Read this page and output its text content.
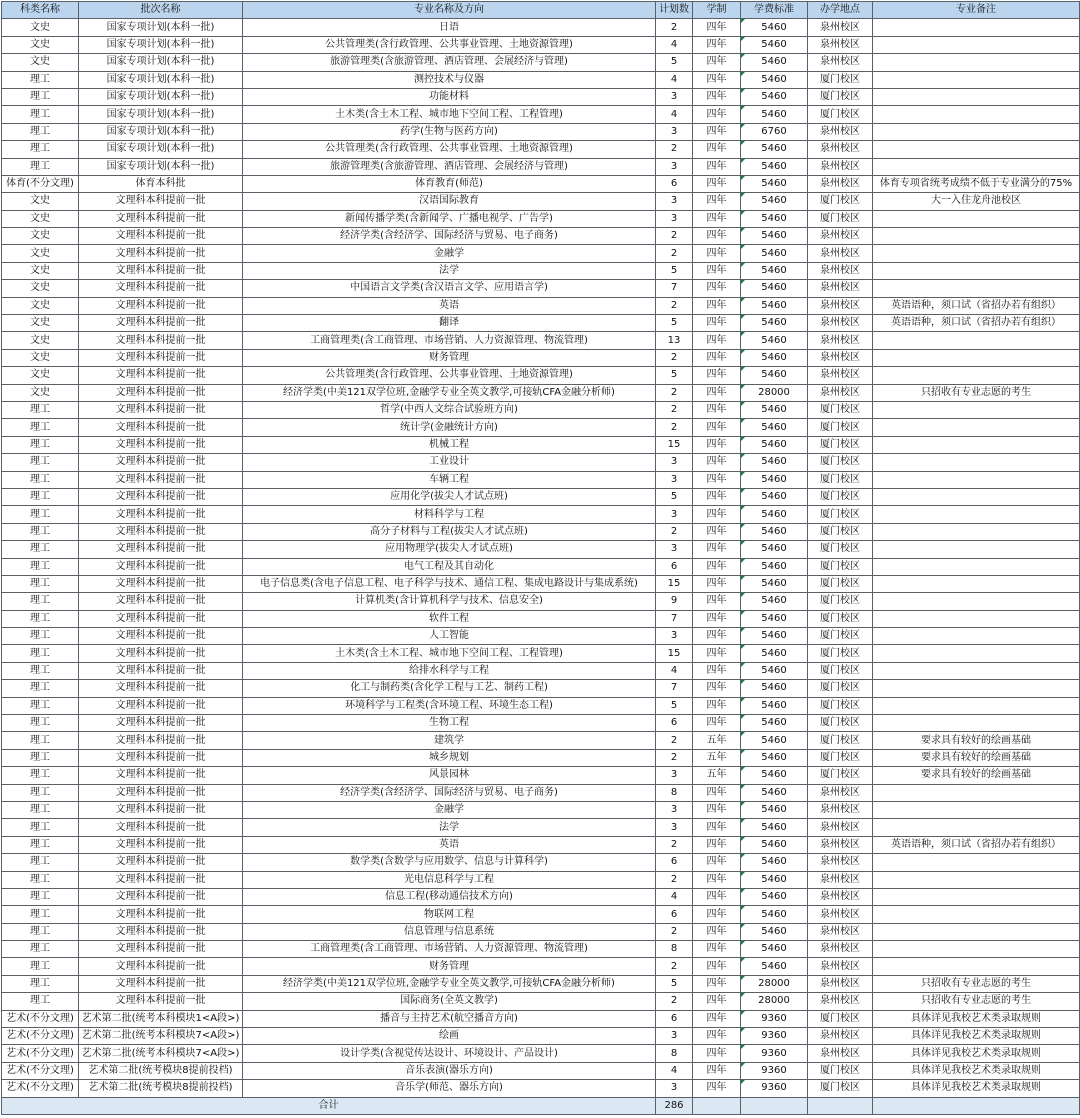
科类名称	批次名称	专业名称及方向	计划数	学制	学费标准	办学地点	专业备注
文史	国家专项计划(本科一批)	日语	2	四年	5460	泉州校区	
文史	国家专项计划(本科一批)	公共管理类(含行政管理、公共事业管理、土地资源管理)	4	四年	5460	泉州校区	
文史	国家专项计划(本科一批)	旅游管理类(含旅游管理、酒店管理、会展经济与管理)	5	四年	5460	泉州校区	
理工	国家专项计划(本科一批)	测控技术与仪器	4	四年	5460	厦门校区	
理工	国家专项计划(本科一批)	功能材料	3	四年	5460	厦门校区	
理工	国家专项计划(本科一批)	土木类(含土木工程、城市地下空间工程、工程管理)	4	四年	5460	厦门校区	
理工	国家专项计划(本科一批)	药学(生物与医药方向)	3	四年	6760	泉州校区	
理工	国家专项计划(本科一批)	公共管理类(含行政管理、公共事业管理、土地资源管理)	2	四年	5460	泉州校区	
理工	国家专项计划(本科一批)	旅游管理类(含旅游管理、酒店管理、会展经济与管理)	3	四年	5460	泉州校区	
体育(不分文理)	体育本科批	体育教育(师范)	6	四年	5460	泉州校区	体育专项省统考成绩不低于专业满分的75%
文史	文理科本科提前一批	汉语国际教育	3	四年	5460	厦门校区	大一入住龙舟池校区
文史	文理科本科提前一批	新闻传播学类(含新闻学、广播电视学、广告学)	3	四年	5460	厦门校区	
文史	文理科本科提前一批	经济学类(含经济学、国际经济与贸易、电子商务)	2	四年	5460	泉州校区	
文史	文理科本科提前一批	金融学	2	四年	5460	泉州校区	
文史	文理科本科提前一批	法学	5	四年	5460	泉州校区	
文史	文理科本科提前一批	中国语言文学类(含汉语言文学、应用语言学)	7	四年	5460	泉州校区	
文史	文理科本科提前一批	英语	2	四年	5460	泉州校区	英语语种，须口试（省招办若有组织）
文史	文理科本科提前一批	翻译	5	四年	5460	泉州校区	英语语种，须口试（省招办若有组织）
文史	文理科本科提前一批	工商管理类(含工商管理、市场营销、人力资源管理、物流管理)	13	四年	5460	泉州校区	
文史	文理科本科提前一批	财务管理	2	四年	5460	泉州校区	
文史	文理科本科提前一批	公共管理类(含行政管理、公共事业管理、土地资源管理)	5	四年	5460	泉州校区	
文史	文理科本科提前一批	经济学类(中美121双学位班,金融学专业全英文教学,可接轨CFA金融分析师)	2	四年	28000	泉州校区	只招收有专业志愿的考生
理工	文理科本科提前一批	哲学(中西人文综合试验班方向)	2	四年	5460	厦门校区	
理工	文理科本科提前一批	统计学(金融统计方向)	2	四年	5460	厦门校区	
理工	文理科本科提前一批	机械工程	15	四年	5460	厦门校区	
理工	文理科本科提前一批	工业设计	3	四年	5460	厦门校区	
理工	文理科本科提前一批	车辆工程	3	四年	5460	厦门校区	
理工	文理科本科提前一批	应用化学(拔尖人才试点班)	5	四年	5460	厦门校区	
理工	文理科本科提前一批	材料科学与工程	3	四年	5460	厦门校区	
理工	文理科本科提前一批	高分子材料与工程(拔尖人才试点班)	2	四年	5460	厦门校区	
理工	文理科本科提前一批	应用物理学(拔尖人才试点班)	3	四年	5460	厦门校区	
理工	文理科本科提前一批	电气工程及其自动化	6	四年	5460	厦门校区	
理工	文理科本科提前一批	电子信息类(含电子信息工程、电子科学与技术、通信工程、集成电路设计与集成系统)	15	四年	5460	厦门校区	
理工	文理科本科提前一批	计算机类(含计算机科学与技术、信息安全)	9	四年	5460	厦门校区	
理工	文理科本科提前一批	软件工程	7	四年	5460	厦门校区	
理工	文理科本科提前一批	人工智能	3	四年	5460	厦门校区	
理工	文理科本科提前一批	土木类(含土木工程、城市地下空间工程、工程管理)	15	四年	5460	厦门校区	
理工	文理科本科提前一批	给排水科学与工程	4	四年	5460	厦门校区	
理工	文理科本科提前一批	化工与制药类(含化学工程与工艺、制药工程)	7	四年	5460	厦门校区	
理工	文理科本科提前一批	环境科学与工程类(含环境工程、环境生态工程)	5	四年	5460	厦门校区	
理工	文理科本科提前一批	生物工程	6	四年	5460	厦门校区	
理工	文理科本科提前一批	建筑学	2	五年	5460	厦门校区	要求具有较好的绘画基础
理工	文理科本科提前一批	城乡规划	2	五年	5460	厦门校区	要求具有较好的绘画基础
理工	文理科本科提前一批	风景园林	3	五年	5460	厦门校区	要求具有较好的绘画基础
理工	文理科本科提前一批	经济学类(含经济学、国际经济与贸易、电子商务)	8	四年	5460	泉州校区	
理工	文理科本科提前一批	金融学	3	四年	5460	泉州校区	
理工	文理科本科提前一批	法学	3	四年	5460	泉州校区	
理工	文理科本科提前一批	英语	2	四年	5460	泉州校区	英语语种，须口试（省招办若有组织）
理工	文理科本科提前一批	数学类(含数学与应用数学、信息与计算科学)	6	四年	5460	泉州校区	
理工	文理科本科提前一批	光电信息科学与工程	2	四年	5460	泉州校区	
理工	文理科本科提前一批	信息工程(移动通信技术方向)	4	四年	5460	泉州校区	
理工	文理科本科提前一批	物联网工程	6	四年	5460	泉州校区	
理工	文理科本科提前一批	信息管理与信息系统	2	四年	5460	泉州校区	
理工	文理科本科提前一批	工商管理类(含工商管理、市场营销、人力资源管理、物流管理)	8	四年	5460	泉州校区	
理工	文理科本科提前一批	财务管理	2	四年	5460	泉州校区	
理工	文理科本科提前一批	经济学类(中美121双学位班,金融学专业全英文教学,可接轨CFA金融分析师)	5	四年	28000	泉州校区	只招收有专业志愿的考生
理工	文理科本科提前一批	国际商务(全英文教学)	2	四年	28000	泉州校区	只招收有专业志愿的考生
艺术(不分文理)	艺术第二批(统考本科模块1<A段>)	播音与主持艺术(航空播音方向)	6	四年	9360	厦门校区	具体详见我校艺术类录取规则
艺术(不分文理)	艺术第二批(统考本科模块7<A段>)	绘画	3	四年	9360	泉州校区	具体详见我校艺术类录取规则
艺术(不分文理)	艺术第二批(统考本科模块7<A段>)	设计学类(含视觉传达设计、环境设计、产品设计)	8	四年	9360	泉州校区	具体详见我校艺术类录取规则
艺术(不分文理)	艺术第二批(统考模块8提前投档)	音乐表演(器乐方向)	4	四年	9360	厦门校区	具体详见我校艺术类录取规则
艺术(不分文理)	艺术第二批(统考模块8提前投档)	音乐学(师范、器乐方向)	3	四年	9360	厦门校区	具体详见我校艺术类录取规则
合计			286				
